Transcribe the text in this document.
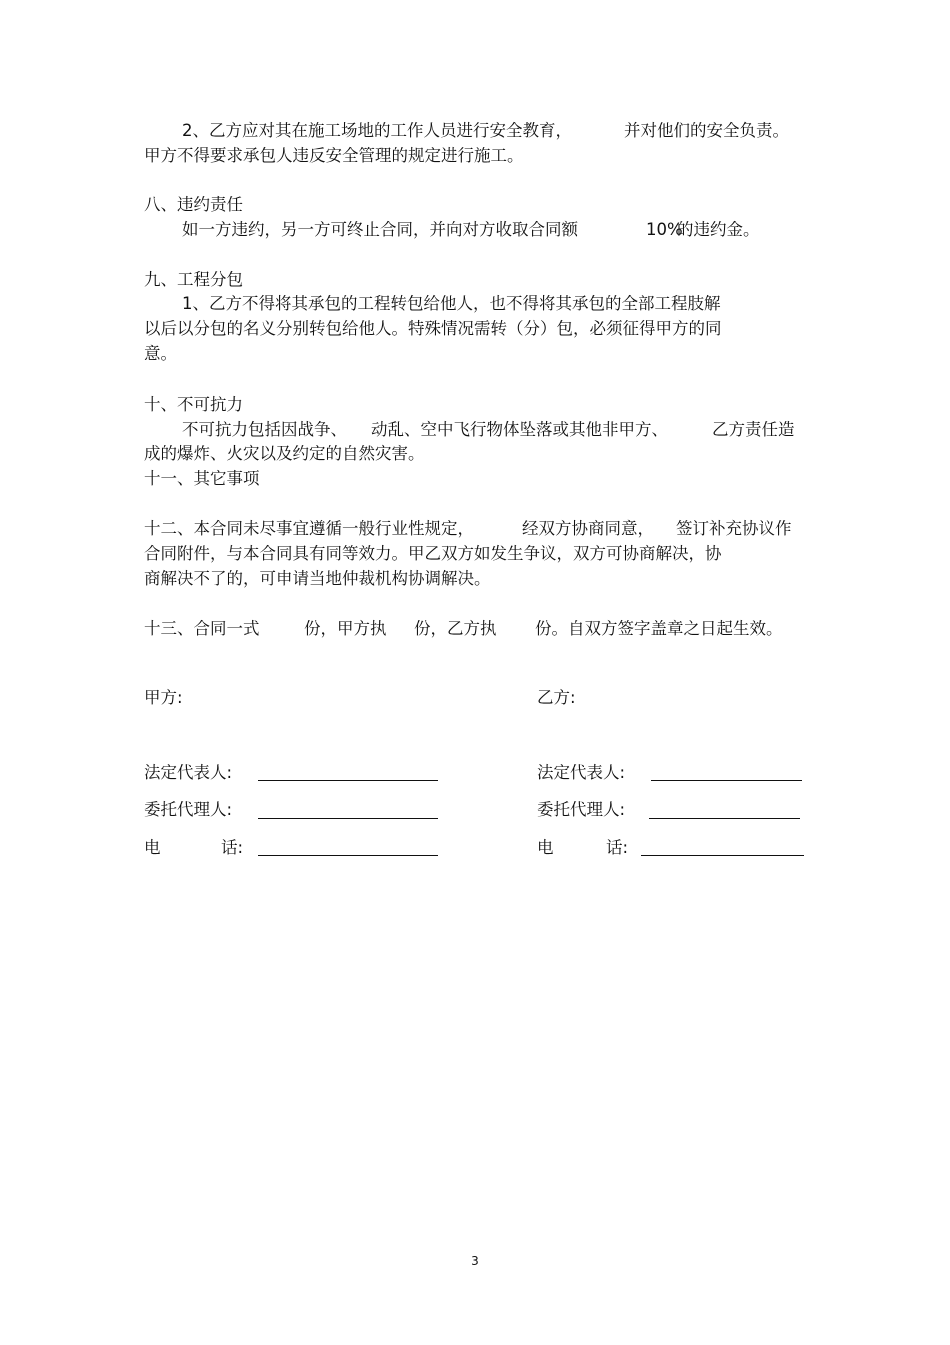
2、乙方应对其在施工场地的工作人员进行安全教育，	并对他们的安全负责。
甲方不得要求承包人违反安全管理的规定进行施工。
八、违约责任
如一方违约，另一方可终止合同，并向对方收取合同额	10%
的违约金。
九、工程分包
1、乙方不得将其承包的工程转包给他人，也不得将其承包的全部工程肢解
以后以分包的名义分别转包给他人。特殊情况需转（分）包，必须征得甲方的同
意。
十、不可抗力
不可抗力包括因战争、 动乱、空中飞行物体坠落或其他非甲方、	乙方责任造
成的爆炸、火灾以及约定的自然灾害。
十一、其它事项
十二、本合同未尽事宜遵循一般行业性规定，	经双方协商同意， 签订补充协议作
合同附件，与本合同具有同等效力。甲乙双方如发生争议，双方可协商解决，协
商解决不了的，可申请当地仲裁机构协调解决。
十三、合同一式	份，甲方执 份，乙方执 份。自双方签字盖章之日起生效。
甲方:
法定代表人:
委托代理人:
电	话:
乙方:
法定代表人:
委托代理人:
电	话:
3
